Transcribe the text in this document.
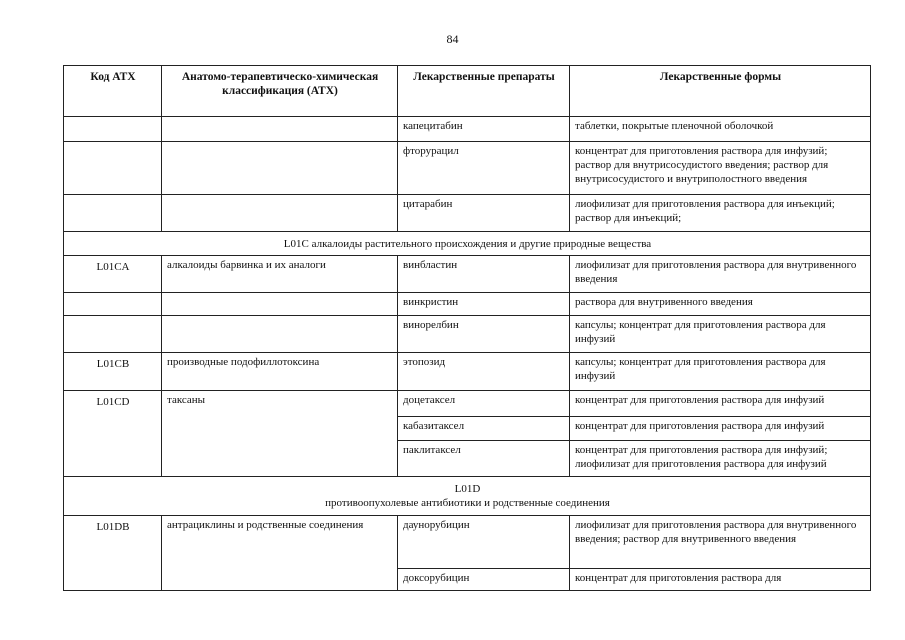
84
Код АТХ	Анатомо-терапевтическо-химическая классификация (АТХ)	Лекарственные препараты	Лекарственные формы
		капецитабин	таблетки, покрытые пленочной оболочкой
		фторурацил	концентрат для приготовления раствора для инфузий; раствор для внутрисосудистого введения; раствор для внутрисосудистого и внутриполостного введения
		цитарабин	лиофилизат для приготовления раствора для инъекций; раствор для инъекций;
L01C алкалоиды растительного происхождения и другие природные вещества			
L01CA	алкалоиды барвинка и их аналоги	винбластин	лиофилизат для приготовления раствора для внутривенного введения
		винкристин	раствора для внутривенного введения
		винорелбин	капсулы; концентрат для приготовления раствора для инфузий
L01CB	производные подофиллотоксина	этопозид	капсулы; концентрат для приготовления раствора для инфузий
L01CD	таксаны	доцетаксел	концентрат для приготовления раствора для инфузий
		кабазитаксел	концентрат для приготовления раствора для инфузий
		паклитаксел	концентрат для приготовления раствора для инфузий; лиофилизат для приготовления раствора для инфузий

L01D
противоопухолевые антибиотики и родственные соединения			

L01DB	антрациклины и родственные соединения	даунорубицин	лиофилизат для приготовления раствора для внутривенного введения; раствор для внутривенного введения
		доксорубицин	концентрат для приготовления раствора для
